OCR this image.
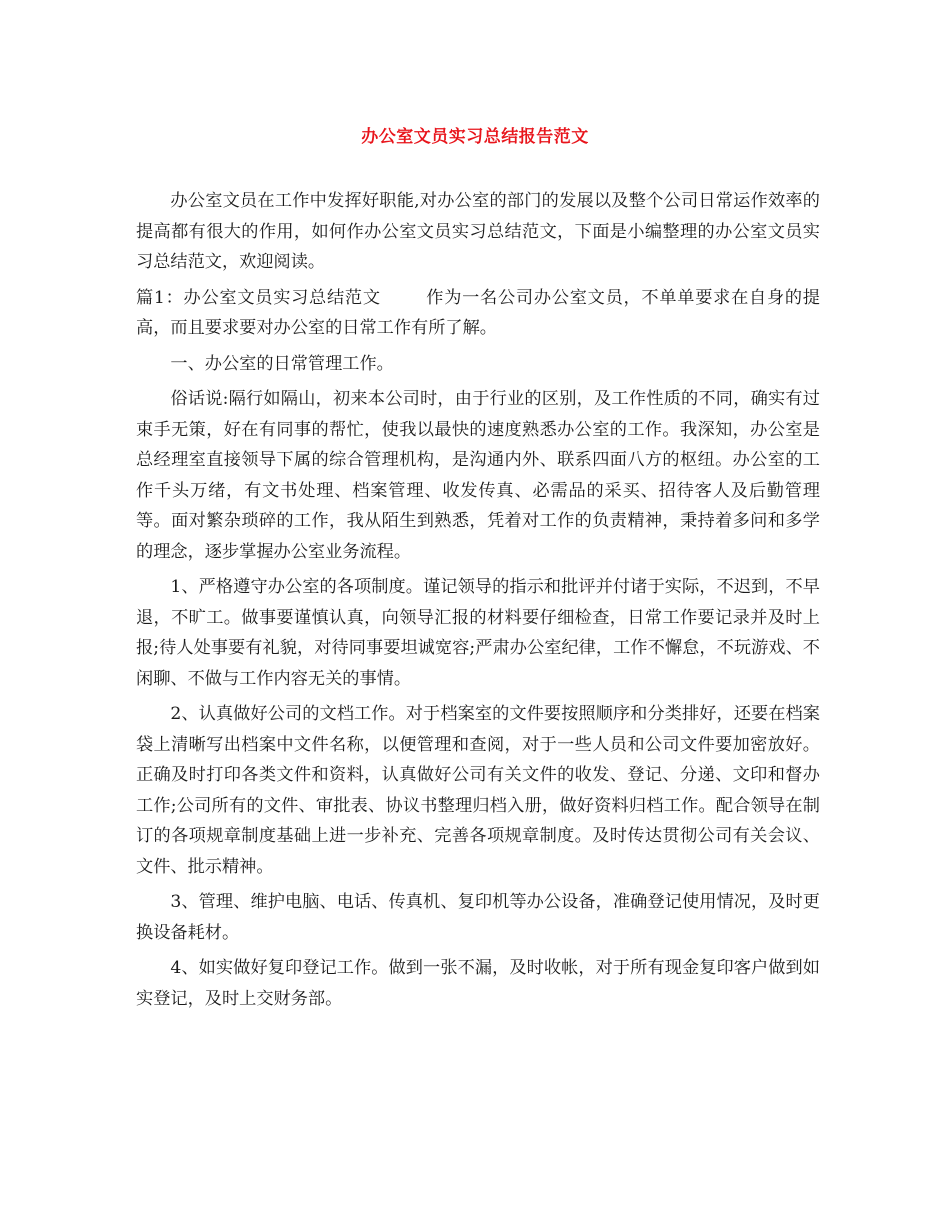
办公室文员实习总结报告范文

办公室文员在工作中发挥好职能,对办公室的部门的发展以及整个公司日常运作效率的提高都有很大的作用，如何作办公室文员实习总结范文，下面是小编整理的办公室文员实习总结范文，欢迎阅读。

篇1：办公室文员实习总结范文	作为一名公司办公室文员，不单单要求在自身的提高，而且要求要对办公室的日常工作有所了解。

一、办公室的日常管理工作。

俗话说:隔行如隔山，初来本公司时，由于行业的区别，及工作性质的不同，确实有过束手无策，好在有同事的帮忙，使我以最快的速度熟悉办公室的工作。我深知，办公室是总经理室直接领导下属的综合管理机构，是沟通内外、联系四面八方的枢纽。办公室的工作千头万绪，有文书处理、档案管理、收发传真、必需品的采买、招待客人及后勤管理等。面对繁杂琐碎的工作，我从陌生到熟悉，凭着对工作的负责精神，秉持着多问和多学的理念，逐步掌握办公室业务流程。

1、严格遵守办公室的各项制度。谨记领导的指示和批评并付诸于实际，不迟到，不早退，不旷工。做事要谨慎认真，向领导汇报的材料要仔细检查，日常工作要记录并及时上报;待人处事要有礼貌，对待同事要坦诚宽容;严肃办公室纪律，工作不懈怠，不玩游戏、不闲聊、不做与工作内容无关的事情。

2、认真做好公司的文档工作。对于档案室的文件要按照顺序和分类排好，还要在档案袋上清晰写出档案中文件名称，以便管理和查阅，对于一些人员和公司文件要加密放好。正确及时打印各类文件和资料，认真做好公司有关文件的收发、登记、分递、文印和督办工作;公司所有的文件、审批表、协议书整理归档入册，做好资料归档工作。配合领导在制订的各项规章制度基础上进一步补充、完善各项规章制度。及时传达贯彻公司有关会议、文件、批示精神。

3、管理、维护电脑、电话、传真机、复印机等办公设备，准确登记使用情况，及时更换设备耗材。

4、如实做好复印登记工作。做到一张不漏，及时收帐，对于所有现金复印客户做到如实登记，及时上交财务部。
